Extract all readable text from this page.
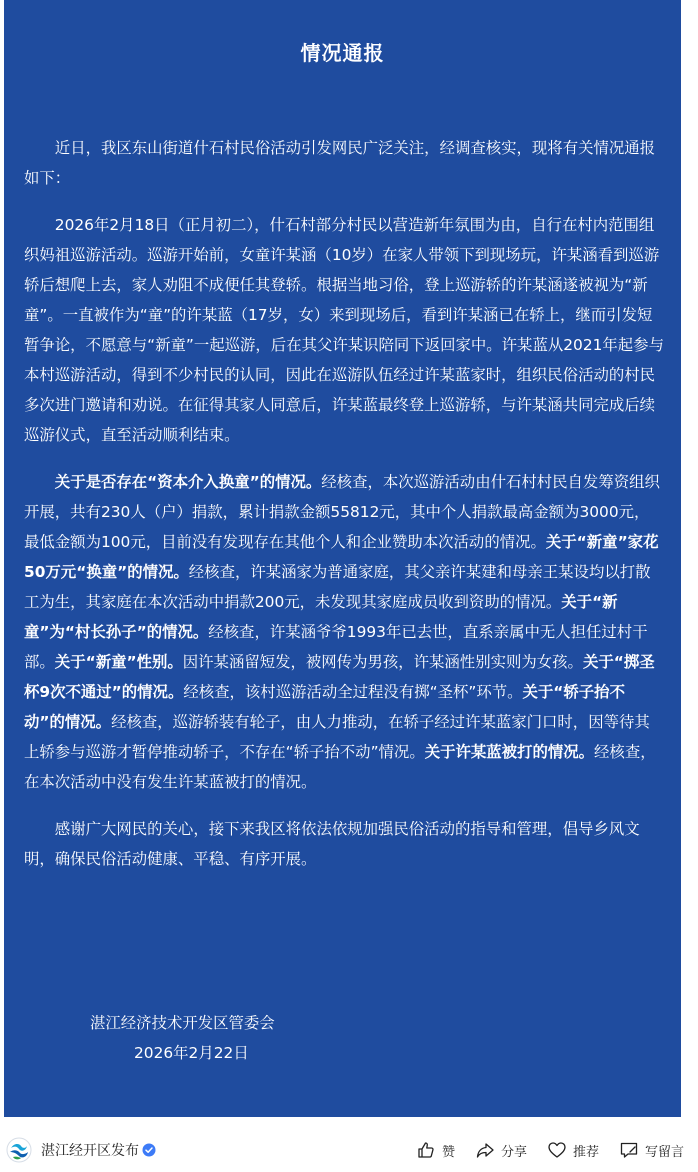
情况通报

近日，我区东山街道什石村民俗活动引发网民广泛关注，经调查核实，现将有关情况通报如下：

2026年2月18日（正月初二），什石村部分村民以营造新年氛围为由，自行在村内范围组织妈祖巡游活动。巡游开始前，女童许某涵（10岁）在家人带领下到现场玩，许某涵看到巡游轿后想爬上去，家人劝阻不成便任其登轿。根据当地习俗，登上巡游轿的许某涵遂被视为“新童”。一直被作为“童”的许某蓝（17岁，女）来到现场后，看到许某涵已在轿上，继而引发短暂争论，不愿意与“新童”一起巡游，后在其父许某识陪同下返回家中。许某蓝从2021年起参与本村巡游活动，得到不少村民的认同，因此在巡游队伍经过许某蓝家时，组织民俗活动的村民多次进门邀请和劝说。在征得其家人同意后，许某蓝最终登上巡游轿，与许某涵共同完成后续巡游仪式，直至活动顺利结束。

关于是否存在“资本介入换童”的情况。经核查，本次巡游活动由什石村村民自发筹资组织开展，共有230人（户）捐款，累计捐款金额55812元，其中个人捐款最高金额为3000元，最低金额为100元，目前没有发现存在其他个人和企业赞助本次活动的情况。关于“新童”家花50万元“换童”的情况。经核查，许某涵家为普通家庭，其父亲许某建和母亲王某设均以打散工为生，其家庭在本次活动中捐款200元，未发现其家庭成员收到资助的情况。关于“新童”为“村长孙子”的情况。经核查，许某涵爷爷1993年已去世，直系亲属中无人担任过村干部。关于“新童”性别。因许某涵留短发，被网传为男孩，许某涵性别实则为女孩。关于“掷圣杯9次不通过”的情况。经核查，该村巡游活动全过程没有掷“圣杯”环节。关于“轿子抬不动”的情况。经核查，巡游轿装有轮子，由人力推动，在轿子经过许某蓝家门口时，因等待其上轿参与巡游才暂停推动轿子，不存在“轿子抬不动”情况。关于许某蓝被打的情况。经核查，在本次活动中没有发生许某蓝被打的情况。

感谢广大网民的关心，接下来我区将依法依规加强民俗活动的指导和管理，倡导乡风文明，确保民俗活动健康、平稳、有序开展。

湛江经济技术开发区管委会
2026年2月22日
湛江经开区发布	赞	分享	推荐	写留言
